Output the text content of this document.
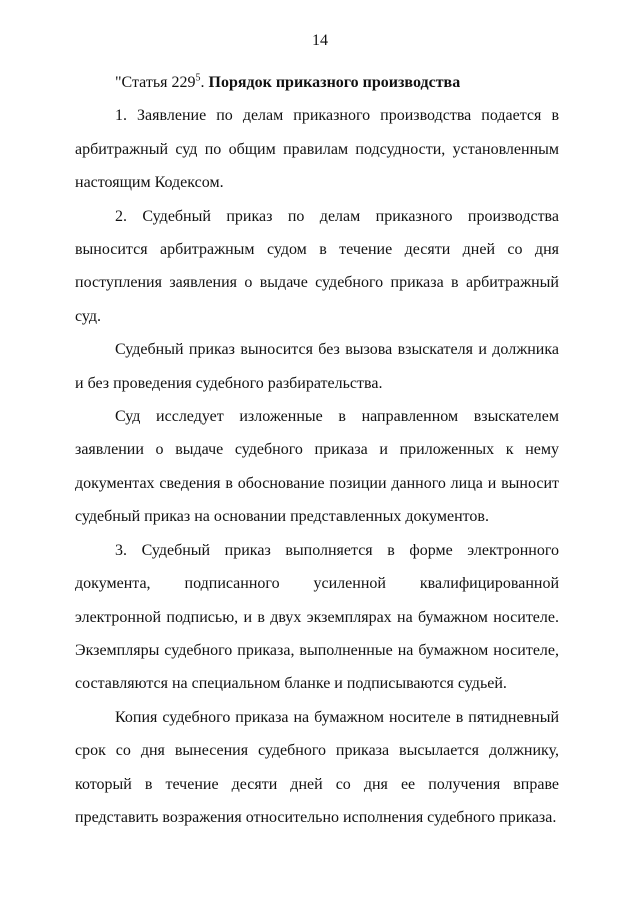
14

"Статья $229^5$. Порядок приказного производства

1. Заявление по делам приказного производства подается в арбитражный суд по общим правилам подсудности, установленным настоящим Кодексом.

2. Судебный приказ по делам приказного производства выносится арбитражным судом в течение десяти дней со дня поступления заявления о выдаче судебного приказа в арбитражный суд.

Судебный приказ выносится без вызова взыскателя и должника и без проведения судебного разбирательства.

Суд исследует изложенные в направленном взыскателем заявлении о выдаче судебного приказа и приложенных к нему документах сведения в обоснование позиции данного лица и выносит судебный приказ на основании представленных документов.

3. Судебный приказ выполняется в форме электронного документа, подписанного усиленной квалифицированной электронной подписью, и в двух экземплярах на бумажном носителе. Экземпляры судебного приказа, выполненные на бумажном носителе, составляются на специальном бланке и подписываются судьей.

Копия судебного приказа на бумажном носителе в пятидневный срок со дня вынесения судебного приказа высылается должнику, который в течение десяти дней со дня ее получения вправе представить возражения относительно исполнения судебного приказа.
